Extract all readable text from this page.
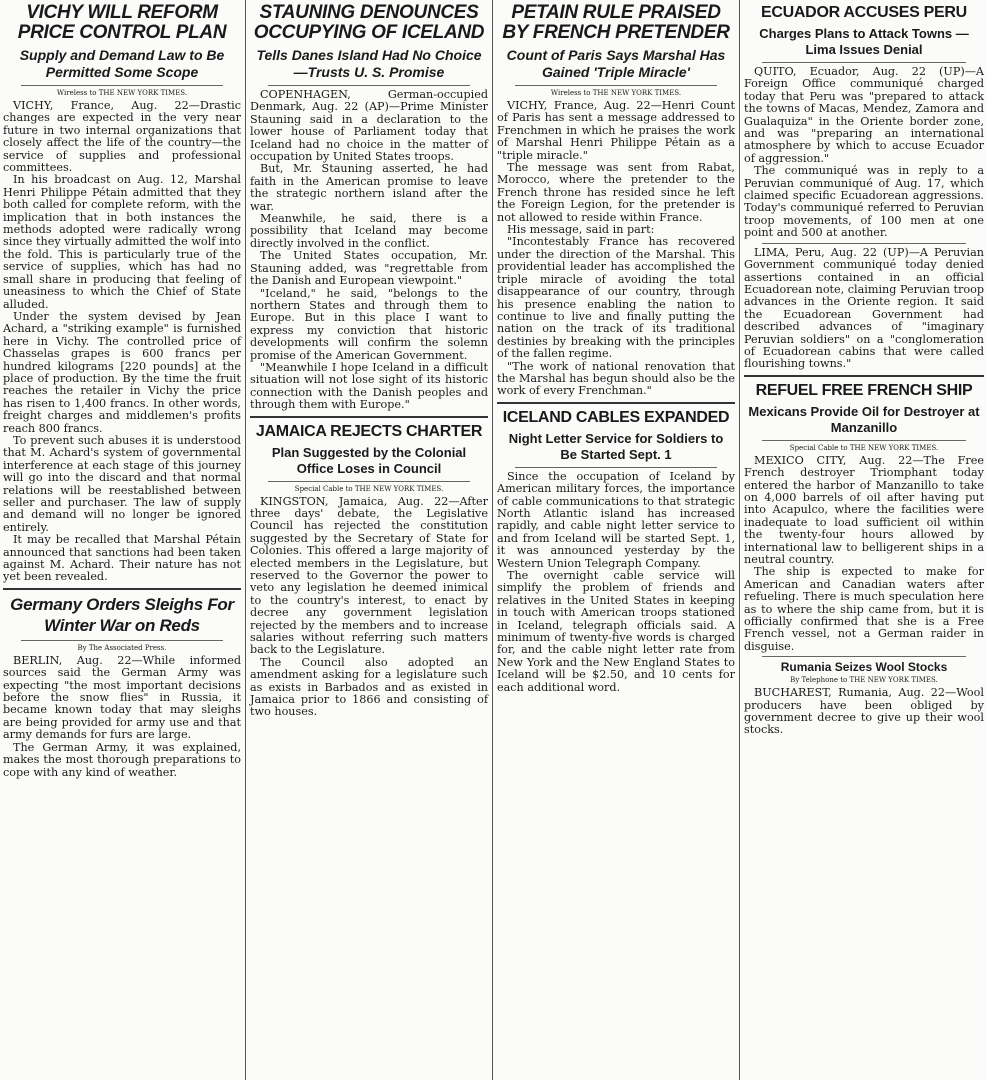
VICHY WILL REFORM PRICE CONTROL PLAN
Supply and Demand Law to Be Permitted Some Scope
Wireless to THE NEW YORK TIMES.

VICHY, France, Aug. 22—Drastic changes are expected in the very near future in two internal organizations that closely affect the life of the country—the service of supplies and professional committees.

In his broadcast on Aug. 12, Marshal Henri Philippe Pétain admitted that they both called for complete reform, with the implication that in both instances the methods adopted were radically wrong since they virtually admitted the wolf into the fold. This is particularly true of the service of supplies, which has had no small share in producing that feeling of uneasiness to which the Chief of State alluded.

Under the system devised by Jean Achard, a "striking example" is furnished here in Vichy. The controlled price of Chasselas grapes is 600 francs per hundred kilograms [220 pounds] at the place of production. By the time the fruit reaches the retailer in Vichy the price has risen to 1,400 francs. In other words, freight charges and middlemen's profits reach 800 francs.

To prevent such abuses it is understood that M. Achard's system of governmental interference at each stage of this journey will go into the discard and that normal relations will be reestablished between seller and purchaser. The law of supply and demand will no longer be ignored entirely.

It may be recalled that Marshal Pétain announced that sanctions had been taken against M. Achard. Their nature has not yet been revealed.

Germany Orders Sleighs For Winter War on Reds
By The Associated Press.

BERLIN, Aug. 22—While informed sources said the German Army was expecting "the most important decisions before the snow flies" in Russia, it became known today that may sleighs are being provided for army use and that army demands for furs are large.

The German Army, it was explained, makes the most thorough preparations to cope with any kind of weather.

STAUNING DENOUNCES OCCUPYING OF ICELAND
Tells Danes Island Had No Choice—Trusts U. S. Promise

COPENHAGEN, German-occupied Denmark, Aug. 22 (AP)—Prime Minister Stauning said in a declaration to the lower house of Parliament today that Iceland had no choice in the matter of occupation by United States troops.

But, Mr. Stauning asserted, he had faith in the American promise to leave the strategic northern island after the war.

Meanwhile, he said, there is a possibility that Iceland may become directly involved in the conflict.

The United States occupation, Mr. Stauning added, was "regrettable from the Danish and European viewpoint."

"Iceland," he said, "belongs to the northern States and through them to Europe. But in this place I want to express my conviction that historic developments will confirm the solemn promise of the American Government.

"Meanwhile I hope Iceland in a difficult situation will not lose sight of its historic connection with the Danish peoples and through them with Europe."

JAMAICA REJECTS CHARTER
Plan Suggested by the Colonial Office Loses in Council
Special Cable to THE NEW YORK TIMES.

KINGSTON, Jamaica, Aug. 22—After three days' debate, the Legislative Council has rejected the constitution suggested by the Secretary of State for Colonies. This offered a large majority of elected members in the Legislature, but reserved to the Governor the power to veto any legislation he deemed inimical to the country's interest, to enact by decree any government legislation rejected by the members and to increase salaries without referring such matters back to the Legislature.

The Council also adopted an amendment asking for a legislature such as exists in Barbados and as existed in Jamaica prior to 1866 and consisting of two houses.

PETAIN RULE PRAISED BY FRENCH PRETENDER
Count of Paris Says Marshal Has Gained 'Triple Miracle'
Wireless to THE NEW YORK TIMES.

VICHY, France, Aug. 22—Henri Count of Paris has sent a message addressed to Frenchmen in which he praises the work of Marshal Henri Philippe Pétain as a "triple miracle."

The message was sent from Rabat, Morocco, where the pretender to the French throne has resided since he left the Foreign Legion, for the pretender is not allowed to reside within France.

His message, said in part:

"Incontestably France has recovered under the direction of the Marshal. This providential leader has accomplished the triple miracle of avoiding the total disappearance of our country, through his presence enabling the nation to continue to live and finally putting the nation on the track of its traditional destinies by breaking with the principles of the fallen regime.

"The work of national renovation that the Marshal has begun should also be the work of every Frenchman."

ICELAND CABLES EXPANDED
Night Letter Service for Soldiers to Be Started Sept. 1

Since the occupation of Iceland by American military forces, the importance of cable communications to that strategic North Atlantic island has increased rapidly, and cable night letter service to and from Iceland will be started Sept. 1, it was announced yesterday by the Western Union Telegraph Company.

The overnight cable service will simplify the problem of friends and relatives in the United States in keeping in touch with American troops stationed in Iceland, telegraph officials said. A minimum of twenty-five words is charged for, and the cable night letter rate from New York and the New England States to Iceland will be $2.50, and 10 cents for each additional word.

ECUADOR ACCUSES PERU
Charges Plans to Attack Towns —Lima Issues Denial

QUITO, Ecuador, Aug. 22 (UP)—A Foreign Office communiqué charged today that Peru was "prepared to attack the towns of Macas, Mendez, Zamora and Gualaquiza" in the Oriente border zone, and was "preparing an international atmosphere by which to accuse Ecuador of aggression."

The communiqué was in reply to a Peruvian communiqué of Aug. 17, which claimed specific Ecuadorean aggressions. Today's communiqué referred to Peruvian troop movements, of 100 men at one point and 500 at another.

LIMA, Peru, Aug. 22 (UP)—A Peruvian Government communiqué today denied assertions contained in an official Ecuadorean note, claiming Peruvian troop advances in the Oriente region. It said the Ecuadorean Government had described advances of "imaginary Peruvian soldiers" on a "conglomeration of Ecuadorean cabins that were called flourishing towns."

REFUEL FREE FRENCH SHIP
Mexicans Provide Oil for Destroyer at Manzanillo
Special Cable to THE NEW YORK TIMES.

MEXICO CITY, Aug. 22—The Free French destroyer Triomphant today entered the harbor of Manzanillo to take on 4,000 barrels of oil after having put into Acapulco, where the facilities were inadequate to load sufficient oil within the twenty-four hours allowed by international law to belligerent ships in a neutral country.

The ship is expected to make for American and Canadian waters after refueling. There is much speculation here as to where the ship came from, but it is officially confirmed that she is a Free French vessel, not a German raider in disguise.

Rumania Seizes Wool Stocks
By Telephone to THE NEW YORK TIMES.

BUCHAREST, Rumania, Aug. 22—Wool producers have been obliged by government decree to give up their wool stocks.
